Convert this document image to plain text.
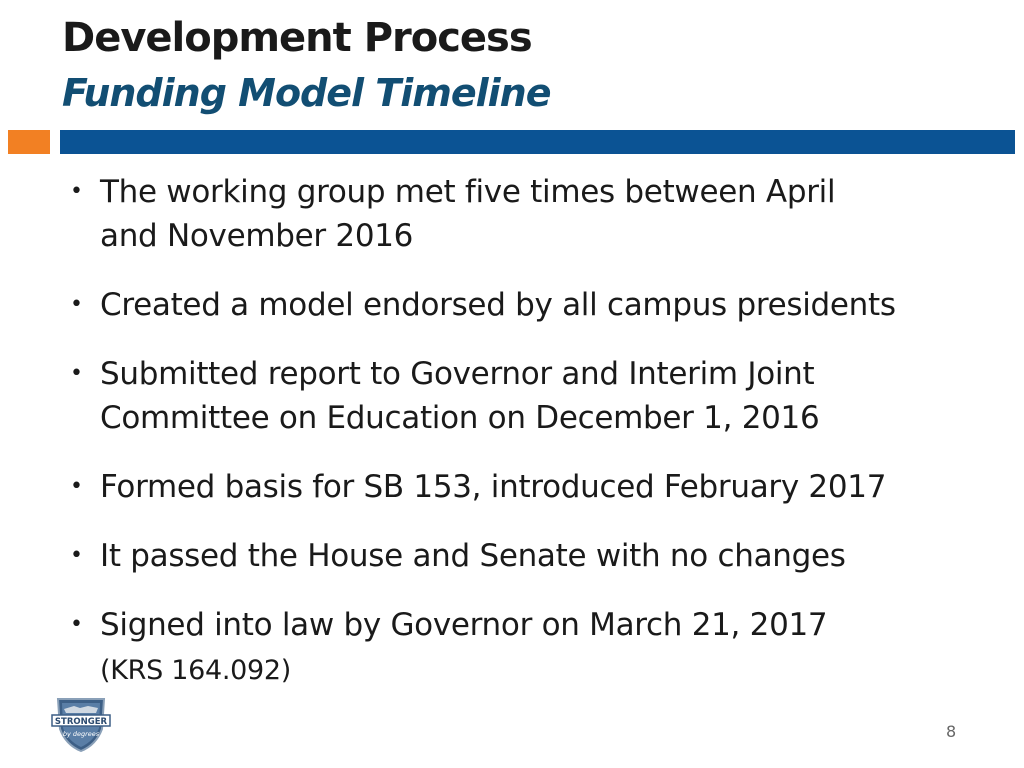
Development Process
Funding Model Timeline
• The working group met five times between April
and November 2016
• Created a model endorsed by all campus presidents
• Submitted report to Governor and Interim Joint
Committee on Education on December 1, 2016
• Formed basis for SB 153, introduced February 2017
• It passed the House and Senate with no changes
• Signed into law by Governor on March 21, 2017
(KRS 164.092)
STRONGER
by degrees	8
